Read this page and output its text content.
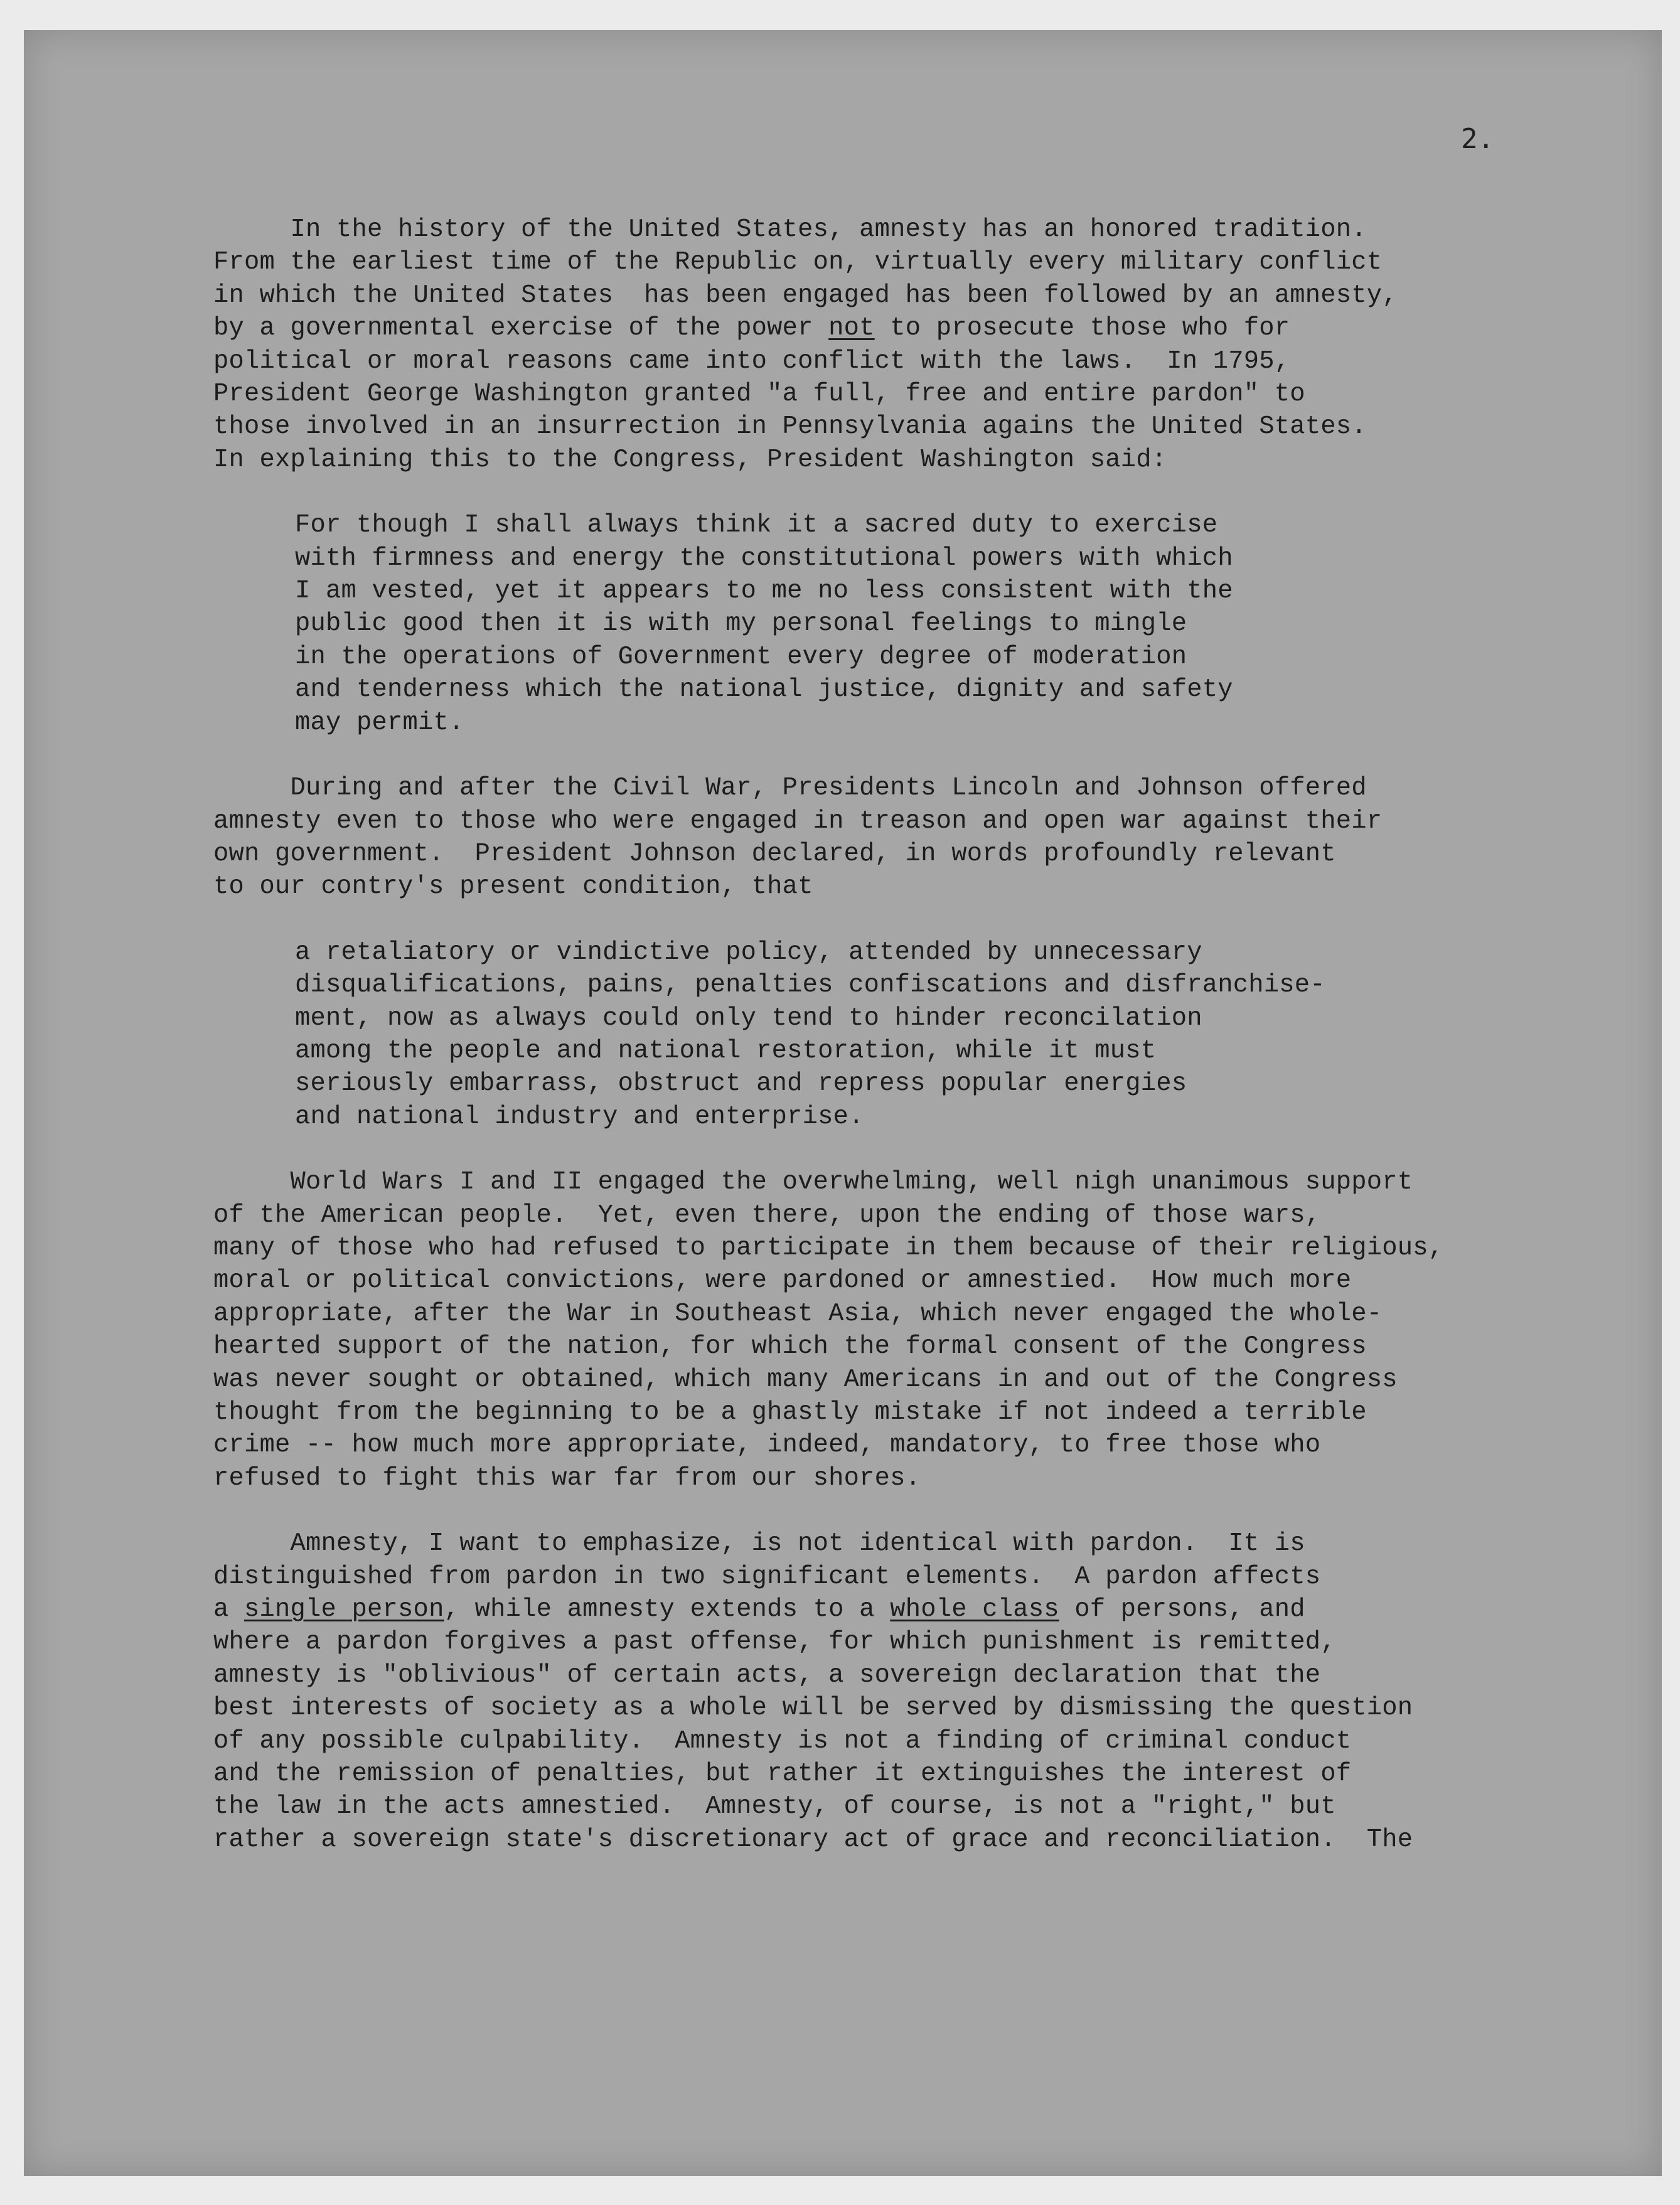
2.
In the history of the United States, amnesty has an honored tradition.
From the earliest time of the Republic on, virtually every military conflict
in which the United States  has been engaged has been followed by an amnesty,
by a governmental exercise of the power not to prosecute those who for
political or moral reasons came into conflict with the laws.  In 1795,
President George Washington granted "a full, free and entire pardon" to
those involved in an insurrection in Pennsylvania agains the United States.
In explaining this to the Congress, President Washington said:
For though I shall always think it a sacred duty to exercise
with firmness and energy the constitutional powers with which
I am vested, yet it appears to me no less consistent with the
public good then it is with my personal feelings to mingle
in the operations of Government every degree of moderation
and tenderness which the national justice, dignity and safety
may permit.
During and after the Civil War, Presidents Lincoln and Johnson offered
amnesty even to those who were engaged in treason and open war against their
own government.  President Johnson declared, in words profoundly relevant
to our contry's present condition, that
a retaliatory or vindictive policy, attended by unnecessary
disqualifications, pains, penalties confiscations and disfranchise-
ment, now as always could only tend to hinder reconcilation
among the people and national restoration, while it must
seriously embarrass, obstruct and repress popular energies
and national industry and enterprise.
World Wars I and II engaged the overwhelming, well nigh unanimous support
of the American people.  Yet, even there, upon the ending of those wars,
many of those who had refused to participate in them because of their religious,
moral or political convictions, were pardoned or amnestied.  How much more
appropriate, after the War in Southeast Asia, which never engaged the whole-
hearted support of the nation, for which the formal consent of the Congress
was never sought or obtained, which many Americans in and out of the Congress
thought from the beginning to be a ghastly mistake if not indeed a terrible
crime -- how much more appropriate, indeed, mandatory, to free those who
refused to fight this war far from our shores.
Amnesty, I want to emphasize, is not identical with pardon.  It is
distinguished from pardon in two significant elements.  A pardon affects
a single person, while amnesty extends to a whole class of persons, and
where a pardon forgives a past offense, for which punishment is remitted,
amnesty is "oblivious" of certain acts, a sovereign declaration that the
best interests of society as a whole will be served by dismissing the question
of any possible culpability.  Amnesty is not a finding of criminal conduct
and the remission of penalties, but rather it extinguishes the interest of
the law in the acts amnestied.  Amnesty, of course, is not a "right," but
rather a sovereign state's discretionary act of grace and reconciliation.  The
